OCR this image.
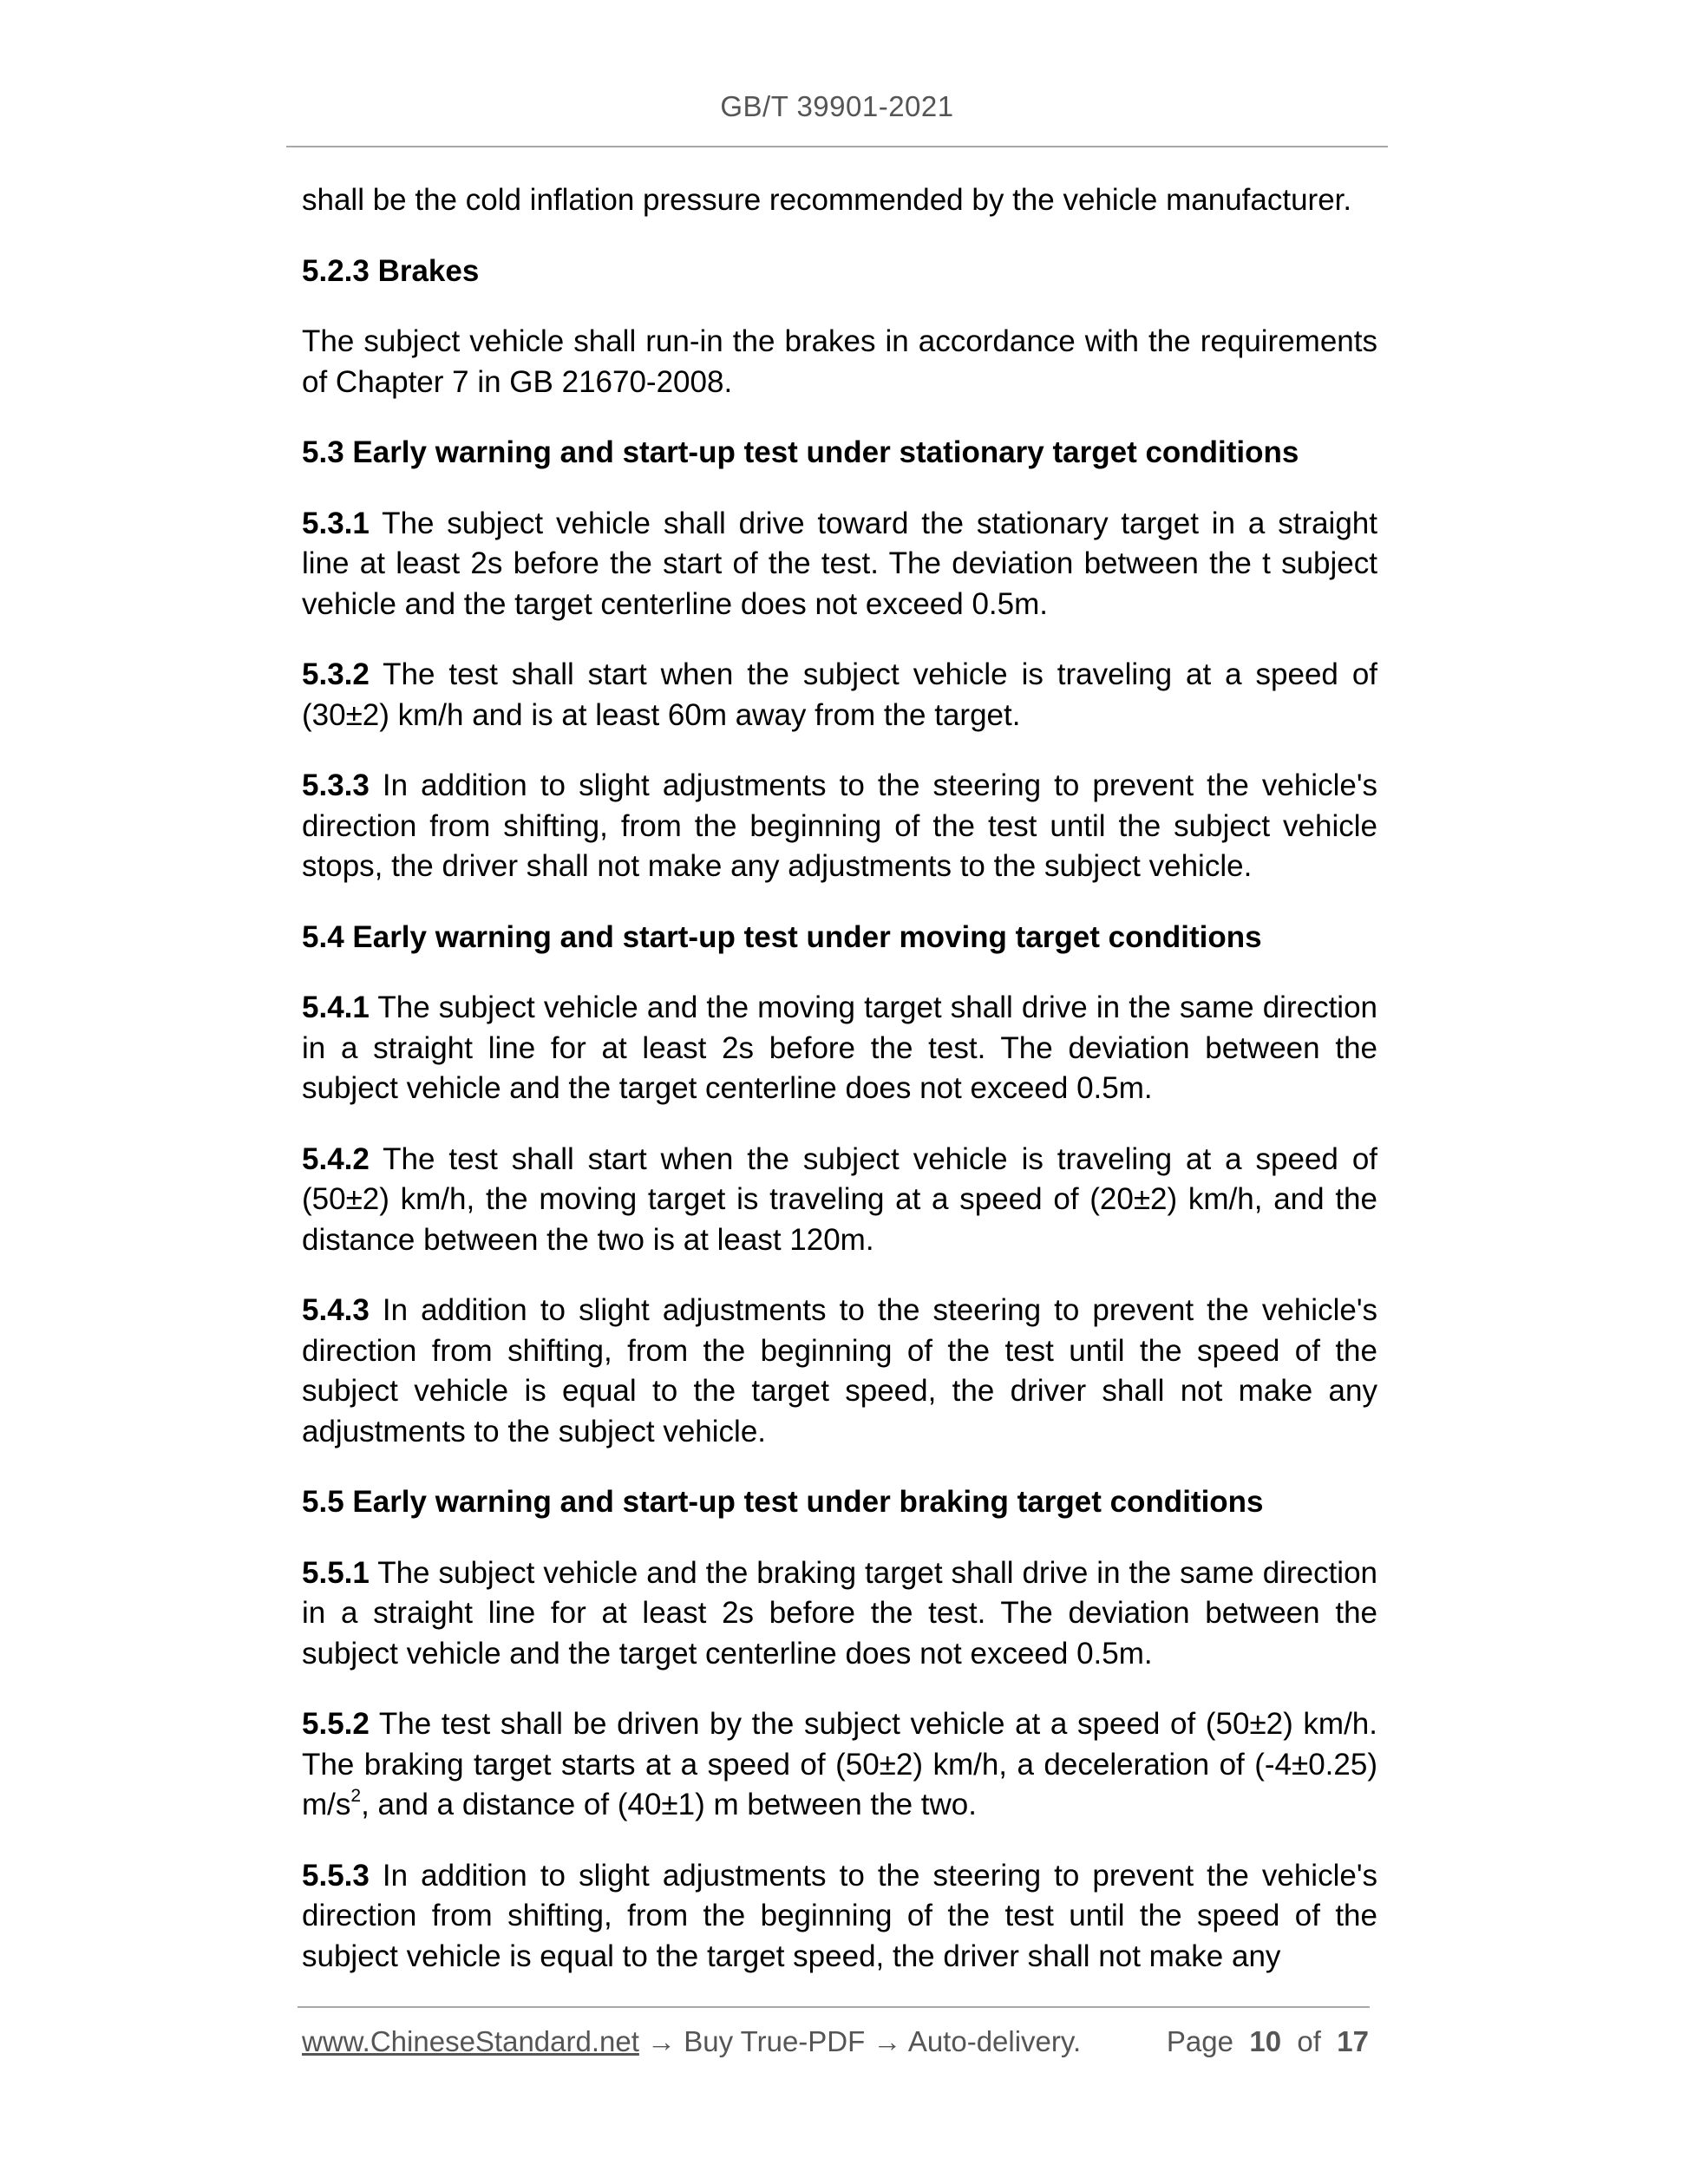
GB/T 39901-2021

shall be the cold inflation pressure recommended by the vehicle manufacturer.

5.2.3 Brakes

The subject vehicle shall run-in the brakes in accordance with the requirements of Chapter 7 in GB 21670-2008.

5.3 Early warning and start-up test under stationary target conditions

5.3.1 The subject vehicle shall drive toward the stationary target in a straight line at least 2s before the start of the test. The deviation between the t subject vehicle and the target centerline does not exceed 0.5m.

5.3.2 The test shall start when the subject vehicle is traveling at a speed of (30±2) km/h and is at least 60m away from the target.

5.3.3 In addition to slight adjustments to the steering to prevent the vehicle's direction from shifting, from the beginning of the test until the subject vehicle stops, the driver shall not make any adjustments to the subject vehicle.

5.4 Early warning and start-up test under moving target conditions

5.4.1 The subject vehicle and the moving target shall drive in the same direction in a straight line for at least 2s before the test. The deviation between the subject vehicle and the target centerline does not exceed 0.5m.

5.4.2 The test shall start when the subject vehicle is traveling at a speed of (50±2) km/h, the moving target is traveling at a speed of (20±2) km/h, and the distance between the two is at least 120m.

5.4.3 In addition to slight adjustments to the steering to prevent the vehicle's direction from shifting, from the beginning of the test until the speed of the subject vehicle is equal to the target speed, the driver shall not make any adjustments to the subject vehicle.

5.5 Early warning and start-up test under braking target conditions

5.5.1 The subject vehicle and the braking target shall drive in the same direction in a straight line for at least 2s before the test. The deviation between the subject vehicle and the target centerline does not exceed 0.5m.

5.5.2 The test shall be driven by the subject vehicle at a speed of (50±2) km/h. The braking target starts at a speed of (50±2) km/h, a deceleration of (-4±0.25) $m/s^2$, and a distance of (40±1) m between the two.

5.5.3 In addition to slight adjustments to the steering to prevent the vehicle's direction from shifting, from the beginning of the test until the speed of the subject vehicle is equal to the target speed, the driver shall not make any

www.ChineseStandard.net → Buy True-PDF → Auto-delivery.	Page 10 of 17
